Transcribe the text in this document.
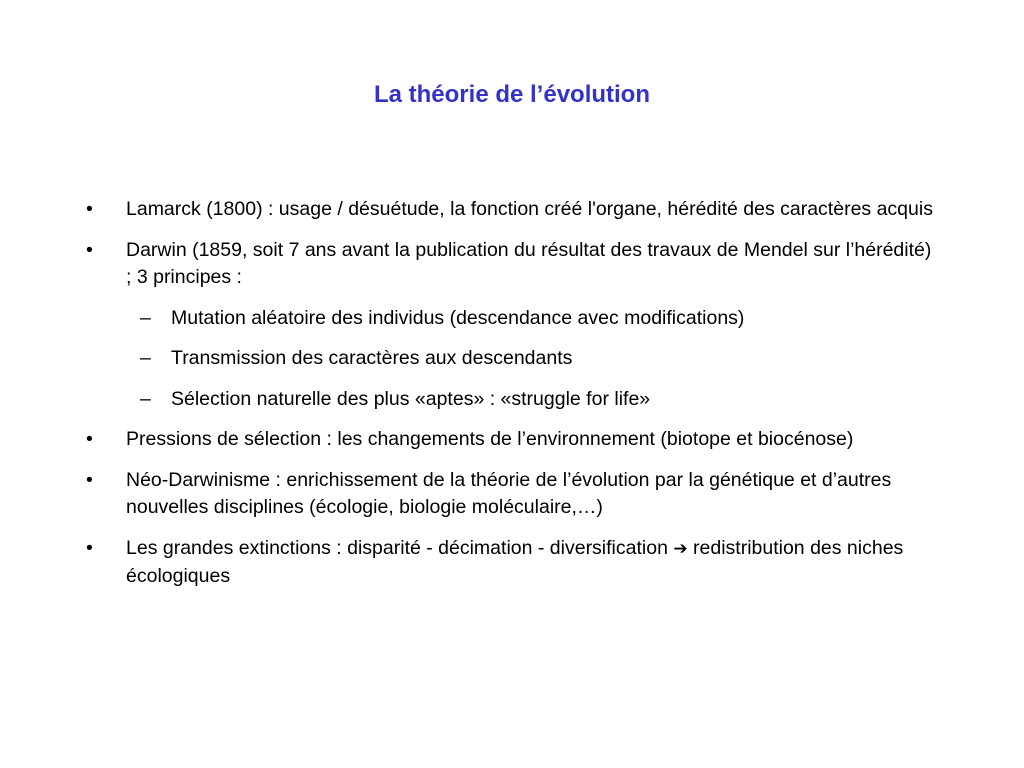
La théorie de l’évolution
• Lamarck (1800) : usage / désuétude, la fonction créé l'organe, hérédité des caractères acquis
• Darwin (1859, soit 7 ans avant la publication du résultat des travaux de Mendel sur l’hérédité) ; 3 principes :
– Mutation aléatoire des individus (descendance avec modifications)
– Transmission des caractères aux descendants
– Sélection naturelle des plus «aptes» : «struggle for life»
• Pressions de sélection : les changements de l’environnement (biotope et biocénose)
• Néo-Darwinisme : enrichissement de la théorie de l’évolution par la génétique et d’autres nouvelles disciplines (écologie, biologie moléculaire,…)
• Les grandes extinctions : disparité - décimation - diversification ➔ redistribution des niches écologiques
